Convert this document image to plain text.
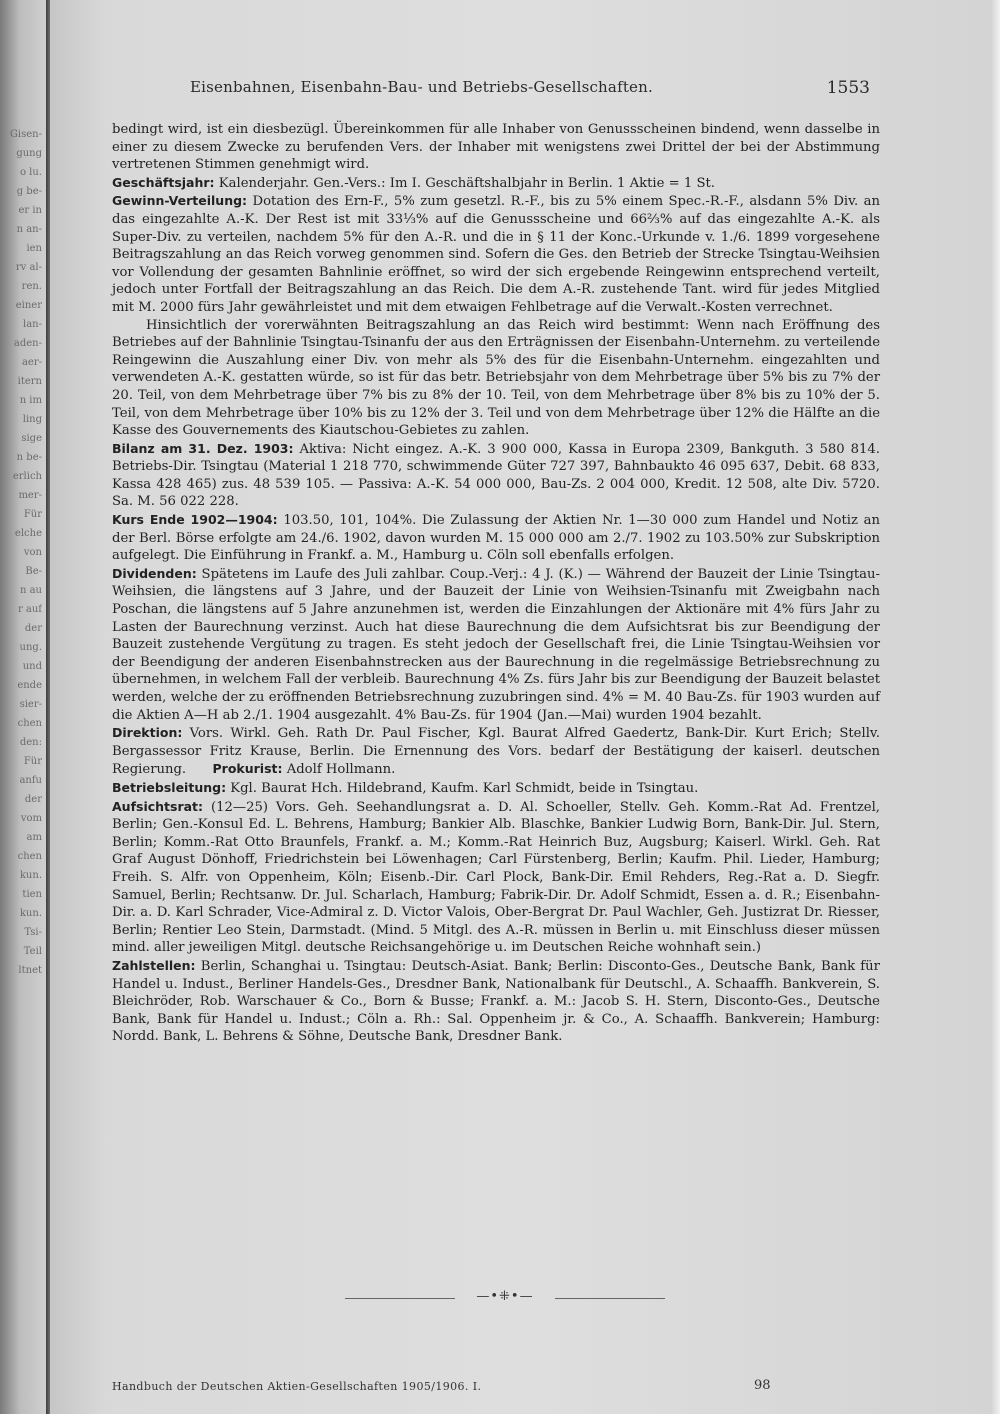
Gisen-
gung
o lu.
g be-
er in
n an-
ien
rv al-
ren.
einer
lan-
aden-
aer-
itern
n im
ling
sige
n be-
erlich
mer-
Für
elche
von
Be-
n au
r auf
der
ung.
und
ende
sier-
chen
den:
Für
anfu
der
vom
am
chen
kun.
tien
kun.
Tsi-
Teil
ltnet
Eisenbahnen, Eisenbahn-Bau- und Betriebs-Gesellschaften.	1553

bedingt wird, ist ein diesbezügl. Übereinkommen für alle Inhaber von Genussscheinen bindend, wenn dasselbe in einer zu diesem Zwecke zu berufenden Vers. der Inhaber mit wenigstens zwei Drittel der bei der Abstimmung vertretenen Stimmen genehmigt wird.

Geschäftsjahr: Kalenderjahr. Gen.-Vers.: Im I. Geschäftshalbjahr in Berlin. 1 Aktie = 1 St.

Gewinn-Verteilung: Dotation des Ern-F., 5% zum gesetzl. R.-F., bis zu 5% einem Spec.-R.-F., alsdann 5% Div. an das eingezahlte A.-K. Der Rest ist mit 33⅓% auf die Genussscheine und 66⅔% auf das eingezahlte A.-K. als Super-Div. zu verteilen, nachdem 5% für den A.-R. und die in § 11 der Konc.-Urkunde v. 1./6. 1899 vorgesehene Beitragszahlung an das Reich vorweg genommen sind. Sofern die Ges. den Betrieb der Strecke Tsingtau-Weihsien vor Vollendung der gesamten Bahnlinie eröffnet, so wird der sich ergebende Reingewinn entsprechend verteilt, jedoch unter Fortfall der Beitragszahlung an das Reich. Die dem A.-R. zustehende Tant. wird für jedes Mitglied mit M. 2000 fürs Jahr gewährleistet und mit dem etwaigen Fehlbetrage auf die Verwalt.-Kosten verrechnet.

Hinsichtlich der vorerwähnten Beitragszahlung an das Reich wird bestimmt: Wenn nach Eröffnung des Betriebes auf der Bahnlinie Tsingtau-Tsinanfu der aus den Erträgnissen der Eisenbahn-Unternehm. zu verteilende Reingewinn die Auszahlung einer Div. von mehr als 5% des für die Eisenbahn-Unternehm. eingezahlten und verwendeten A.-K. gestatten würde, so ist für das betr. Betriebsjahr von dem Mehrbetrage über 5% bis zu 7% der 20. Teil, von dem Mehrbetrage über 7% bis zu 8% der 10. Teil, von dem Mehrbetrage über 8% bis zu 10% der 5. Teil, von dem Mehrbetrage über 10% bis zu 12% der 3. Teil und von dem Mehrbetrage über 12% die Hälfte an die Kasse des Gouvernements des Kiautschou-Gebietes zu zahlen.

Bilanz am 31. Dez. 1903: Aktiva: Nicht eingez. A.-K. 3 900 000, Kassa in Europa 2309, Bankguth. 3 580 814. Betriebs-Dir. Tsingtau (Material 1 218 770, schwimmende Güter 727 397, Bahnbaukto 46 095 637, Debit. 68 833, Kassa 428 465) zus. 48 539 105. — Passiva: A.-K. 54 000 000, Bau-Zs. 2 004 000, Kredit. 12 508, alte Div. 5720. Sa. M. 56 022 228.

Kurs Ende 1902—1904: 103.50, 101, 104%. Die Zulassung der Aktien Nr. 1—30 000 zum Handel und Notiz an der Berl. Börse erfolgte am 24./6. 1902, davon wurden M. 15 000 000 am 2./7. 1902 zu 103.50% zur Subskription aufgelegt. Die Einführung in Frankf. a. M., Hamburg u. Cöln soll ebenfalls erfolgen.

Dividenden: Spätetens im Laufe des Juli zahlbar. Coup.-Verj.: 4 J. (K.) — Während der Bauzeit der Linie Tsingtau-Weihsien, die längstens auf 3 Jahre, und der Bauzeit der Linie von Weihsien-Tsinanfu mit Zweigbahn nach Poschan, die längstens auf 5 Jahre anzunehmen ist, werden die Einzahlungen der Aktionäre mit 4% fürs Jahr zu Lasten der Baurechnung verzinst. Auch hat diese Baurechnung die dem Aufsichtsrat bis zur Beendigung der Bauzeit zustehende Vergütung zu tragen. Es steht jedoch der Gesellschaft frei, die Linie Tsingtau-Weihsien vor der Beendigung der anderen Eisenbahnstrecken aus der Baurechnung in die regelmässige Betriebsrechnung zu übernehmen, in welchem Fall der verbleib. Baurechnung 4% Zs. fürs Jahr bis zur Beendigung der Bauzeit belastet werden, welche der zu eröffnenden Betriebsrechnung zuzubringen sind. 4% = M. 40 Bau-Zs. für 1903 wurden auf die Aktien A—H ab 2./1. 1904 ausgezahlt. 4% Bau-Zs. für 1904 (Jan.—Mai) wurden 1904 bezahlt.

Direktion: Vors. Wirkl. Geh. Rath Dr. Paul Fischer, Kgl. Baurat Alfred Gaedertz, Bank-Dir. Kurt Erich; Stellv. Bergassessor Fritz Krause, Berlin. Die Ernennung des Vors. bedarf der Bestätigung der kaiserl. deutschen Regierung.   Prokurist: Adolf Hollmann.

Betriebsleitung: Kgl. Baurat Hch. Hildebrand, Kaufm. Karl Schmidt, beide in Tsingtau.

Aufsichtsrat: (12—25) Vors. Geh. Seehandlungsrat a. D. Al. Schoeller, Stellv. Geh. Komm.-Rat Ad. Frentzel, Berlin; Gen.-Konsul Ed. L. Behrens, Hamburg; Bankier Alb. Blaschke, Bankier Ludwig Born, Bank-Dir. Jul. Stern, Berlin; Komm.-Rat Otto Braunfels, Frankf. a. M.; Komm.-Rat Heinrich Buz, Augsburg; Kaiserl. Wirkl. Geh. Rat Graf August Dönhoff, Friedrichstein bei Löwenhagen; Carl Fürstenberg, Berlin; Kaufm. Phil. Lieder, Hamburg; Freih. S. Alfr. von Oppenheim, Köln; Eisenb.-Dir. Carl Plock, Bank-Dir. Emil Rehders, Reg.-Rat a. D. Siegfr. Samuel, Berlin; Rechtsanw. Dr. Jul. Scharlach, Hamburg; Fabrik-Dir. Dr. Adolf Schmidt, Essen a. d. R.; Eisenbahn-Dir. a. D. Karl Schrader, Vice-Admiral z. D. Victor Valois, Ober-Bergrat Dr. Paul Wachler, Geh. Justizrat Dr. Riesser, Berlin; Rentier Leo Stein, Darmstadt. (Mind. 5 Mitgl. des A.-R. müssen in Berlin u. mit Einschluss dieser müssen mind. aller jeweiligen Mitgl. deutsche Reichsangehörige u. im Deutschen Reiche wohnhaft sein.)

Zahlstellen: Berlin, Schanghai u. Tsingtau: Deutsch-Asiat. Bank; Berlin: Disconto-Ges., Deutsche Bank, Bank für Handel u. Indust., Berliner Handels-Ges., Dresdner Bank, Nationalbank für Deutschl., A. Schaaffh. Bankverein, S. Bleichröder, Rob. Warschauer & Co., Born & Busse; Frankf. a. M.: Jacob S. H. Stern, Disconto-Ges., Deutsche Bank, Bank für Handel u. Indust.; Cöln a. Rh.: Sal. Oppenheim jr. & Co., A. Schaaffh. Bankverein; Hamburg: Nordd. Bank, L. Behrens & Söhne, Deutsche Bank, Dresdner Bank.

—•⁜•—
Handbuch der Deutschen Aktien-Gesellschaften 1905/1906. I.	98
